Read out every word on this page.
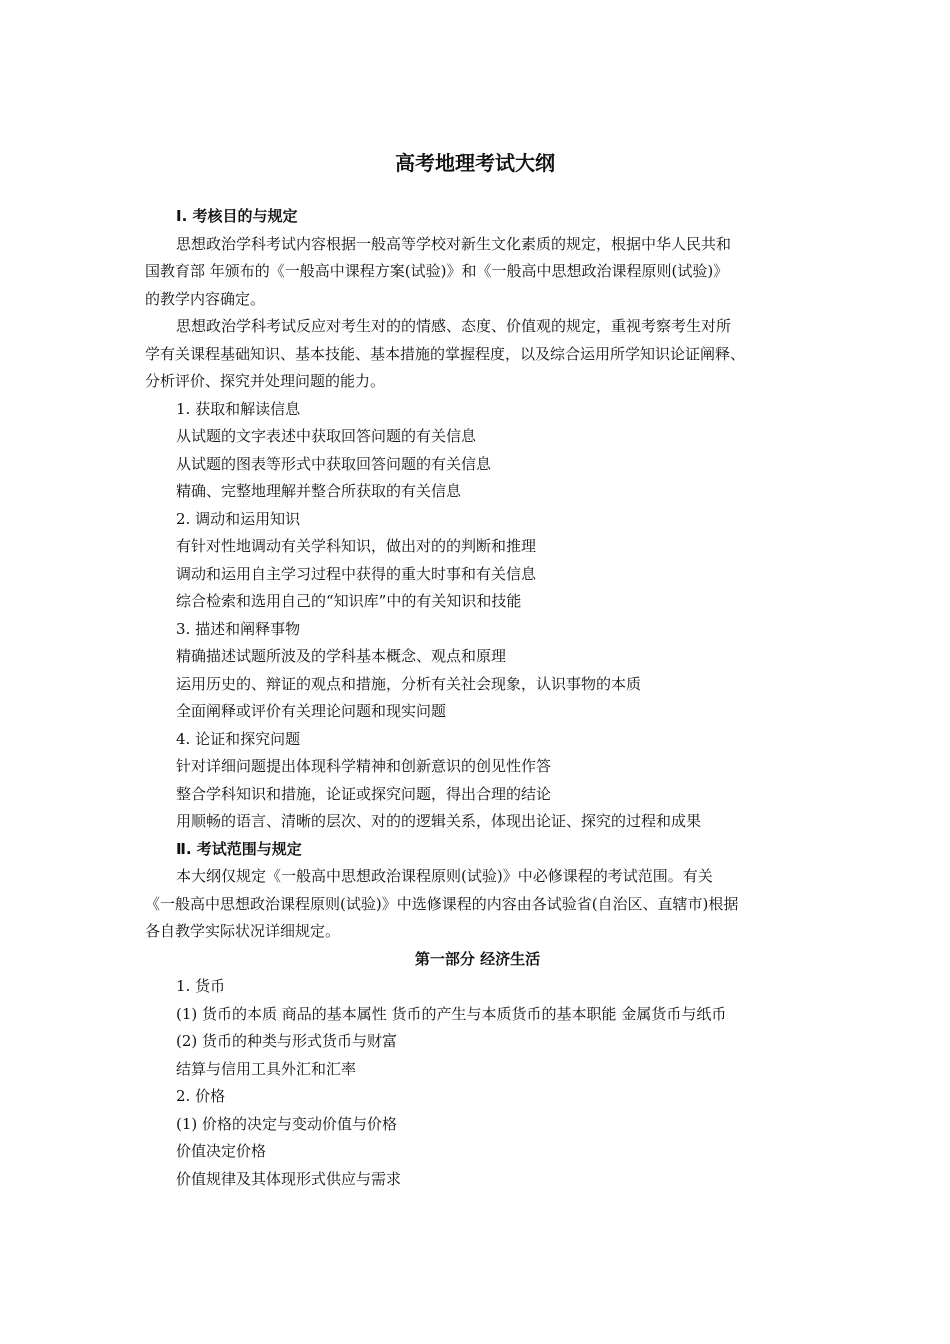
高考地理考试大纲

Ⅰ. 考核目的与规定

思想政治学科考试内容根据一般高等学校对新生文化素质的规定，根据中华人民共和

国教育部 年颁布的《一般高中课程方案(试验)》和《一般高中思想政治课程原则(试验)》

的教学内容确定。

思想政治学科考试反应对考生对的的情感、态度、价值观的规定，重视考察考生对所

学有关课程基础知识、基本技能、基本措施的掌握程度，以及综合运用所学知识论证阐释、

分析评价、探究并处理问题的能力。

1. 获取和解读信息

从试题的文字表述中获取回答问题的有关信息

从试题的图表等形式中获取回答问题的有关信息

精确、完整地理解并整合所获取的有关信息

2. 调动和运用知识

有针对性地调动有关学科知识，做出对的的判断和推理

调动和运用自主学习过程中获得的重大时事和有关信息

综合检索和选用自己的“知识库”中的有关知识和技能

3. 描述和阐释事物

精确描述试题所波及的学科基本概念、观点和原理

运用历史的、辩证的观点和措施，分析有关社会现象，认识事物的本质

全面阐释或评价有关理论问题和现实问题

4. 论证和探究问题

针对详细问题提出体现科学精神和创新意识的创见性作答

整合学科知识和措施，论证或探究问题，得出合理的结论

用顺畅的语言、清晰的层次、对的的逻辑关系，体现出论证、探究的过程和成果

Ⅱ. 考试范围与规定

本大纲仅规定《一般高中思想政治课程原则(试验)》中必修课程的考试范围。有关

《一般高中思想政治课程原则(试验)》中选修课程的内容由各试验省(自治区、直辖市)根据

各自教学实际状况详细规定。

第一部分 经济生活

1. 货币

(1) 货币的本质 商品的基本属性 货币的产生与本质货币的基本职能 金属货币与纸币

(2) 货币的种类与形式货币与财富

结算与信用工具外汇和汇率

2. 价格

(1) 价格的决定与变动价值与价格

价值决定价格

价值规律及其体现形式供应与需求
